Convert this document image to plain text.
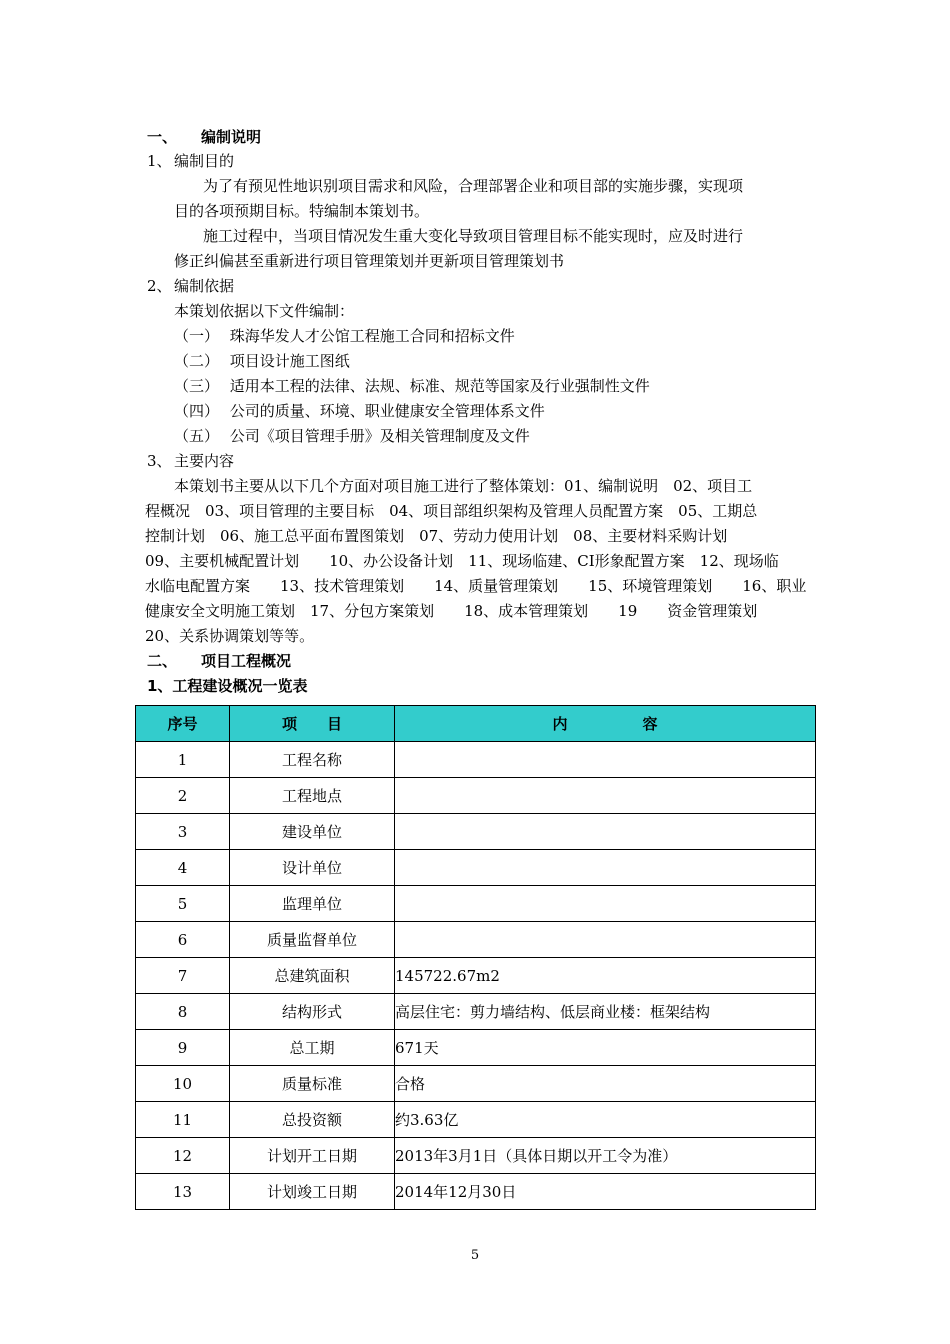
一、 编制说明
1、 编制目的
为了有预见性地识别项目需求和风险，合理部署企业和项目部的实施步骤，实现项
目的各项预期目标。特编制本策划书。
施工过程中，当项目情况发生重大变化导致项目管理目标不能实现时，应及时进行
修正纠偏甚至重新进行项目管理策划并更新项目管理策划书
2、 编制依据
本策划依据以下文件编制：
（一） 珠海华发人才公馆工程施工合同和招标文件
（二） 项目设计施工图纸
（三） 适用本工程的法律、法规、标准、规范等国家及行业强制性文件
（四） 公司的质量、环境、职业健康安全管理体系文件
（五） 公司《项目管理手册》及相关管理制度及文件
3、 主要内容
本策划书主要从以下几个方面对项目施工进行了整体策划：01、编制说明　02、项目工
程概况　03、项目管理的主要目标　04、项目部组织架构及管理人员配置方案　05、工期总
控制计划　06、施工总平面布置图策划　07、劳动力使用计划　08、主要材料采购计划
09、主要机械配置计划　　10、办公设备计划　11、现场临建、CI形象配置方案　12、现场临
水临电配置方案　　13、技术管理策划　　14、质量管理策划　　15、环境管理策划　　16、职业
健康安全文明施工策划　17、分包方案策划　　18、成本管理策划　　19　　资金管理策划
20、关系协调策划等等。
二、 项目工程概况
1、工程建设概况一览表
序号	项　　目	内　　　　　容
1	工程名称	
2	工程地点	
3	建设单位	
4	设计单位	
5	监理单位	
6	质量监督单位	
7	总建筑面积	145722.67m2
8	结构形式	高层住宅：剪力墙结构、低层商业楼：框架结构
9	总工期	671天
10	质量标准	合格
11	总投资额	约3.63亿
12	计划开工日期	2013年3月1日（具体日期以开工令为准）
13	计划竣工日期	2014年12月30日
5
